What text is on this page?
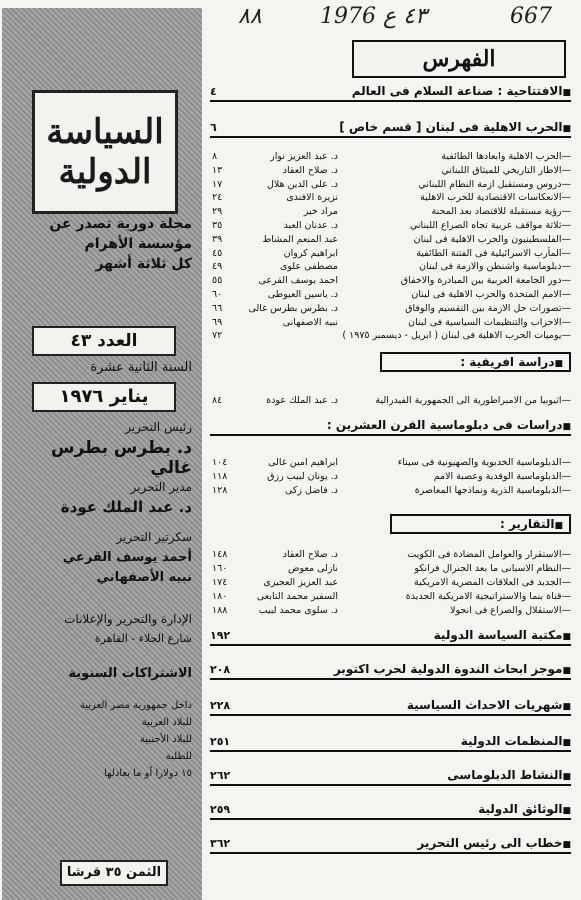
٨٨	٤٣ ع 1976	667
السياسة الدولية
مجلة دورية تصدر عن
مؤسسة الأهرام
كل ثلاثة أشهر
العدد ٤٣
السنة الثانية عشرة
يناير ١٩٧٦
رئيس التحرير
د. بطرس بطرس غالي
مدير التحرير
د. عبد الملك عودة
سكرتير التحرير
أحمد يوسف القرعي
نبيه الأصفهاني
الإدارة والتحرير والإعلانات
شارع الجلاء - القاهرة
الاشتراكات السنوية
داخل جمهورية مصر العربية
للبلاد العربية
للبلاد الأجنبية
للطلبة
١٥ دولارا أو ما يعادلها
الثمن ٣٥ قرشا
الفهرس
■ الافتتاحية : صناعة السلام فى العالم
٤
■ الحرب الاهلية فى لبنان [ قسم خاص ]
٦
— الحرب الاهلية وابعادها الطائفية
د. عبد العزيز نوار
٨
— الاطار التاريخي للميثاق اللبناني
د. صلاح العقاد
١٣
— دروس ومستقبل ازمة النظام اللبناني
د. على الدين هلال
١٧
— الانعكاسات الاقتصادية للحرب الاهلية
نزيرة الافندى
٢٤
— رؤية مستقبلة للاقتصاد بعد المحنة
مراد خير
٢٩
— ثلاثة مواقف عربية تجاه الصراع اللبناني
د. عدنان العبد
٣٥
— الفلسطينيون والحرب الاهلية فى لبنان
عبد المنعم المشاط
٣٩
— المأرب الاسرائيلية فى الفتنة الطائفية
ابراهيم كروان
٤٥
— دبلوماسية واشنطن والازمة فى لبنان
مصطفى علوى
٤٩
— دور الجامعة العربية بين المبادرة والاخفاق
احمد يوسف القرعى
٥٥
— الامم المتحدة والحرب الاهلية فى لبنان
د. ياسين العيوطى
٦٠
— تصورات حل الازمة بين التقسيم والوفاق
د. بطرس بطرس غالى
٦٦
— الاحزاب والتنظيمات السياسية فى لبنان
نبيه الاصفهانى
٦٩
— يوميات الحرب الاهلية فى لبنان ( ابريل - ديسمبر ١٩٧٥ )
٧٢
■ دراسة افريقية :
— اثيوبيا من الامبراطورية الى الجمهورية الفيدرالية
د. عبد الملك عودة
٨٤
■ دراسات فى دبلوماسية القرن العشرين :
— الدبلوماسية الخديوية والصهيونية فى سيناء
ابراهيم امين غالى
١٠٤
— الدبلوماسية الوفدية وعصبة الامم
د. يونان لبيب رزق
١١٨
— الدبلوماسية الذرية ونماذجها المعاصرة
د. فاضل زكى
١٢٨
■ التقارير :
— الاستقرار والعوامل المضادة فى الكويت
د. صلاح العقاد
١٤٨
— النظام الاسبانى ما بعد الجنرال فرانكو
نازلى معوض
١٦٠
— الجديد فى العلاقات المصرية الامريكية
عبد العزيز العجيزى
١٧٤
— قناة بنما والاستراتيجية الامريكية الجديدة
السفير محمد التابعى
١٨٠
— الاستقلال والصراع فى انجولا
د. سلوى محمد لبيب
١٨٨
■ مكتبة السياسة الدولية
١٩٢
■ موجز ابحاث الندوة الدولية لحرب اكتوبر
٢٠٨
■ شهريات الاحداث السياسية
٢٢٨
■ المنظمات الدولية
٢٥١
■ النشاط الدبلوماسى
٢٦٢
■ الوثائق الدولية
٢٥٩
■ خطاب الى رئيس التحرير
٣٦٢
